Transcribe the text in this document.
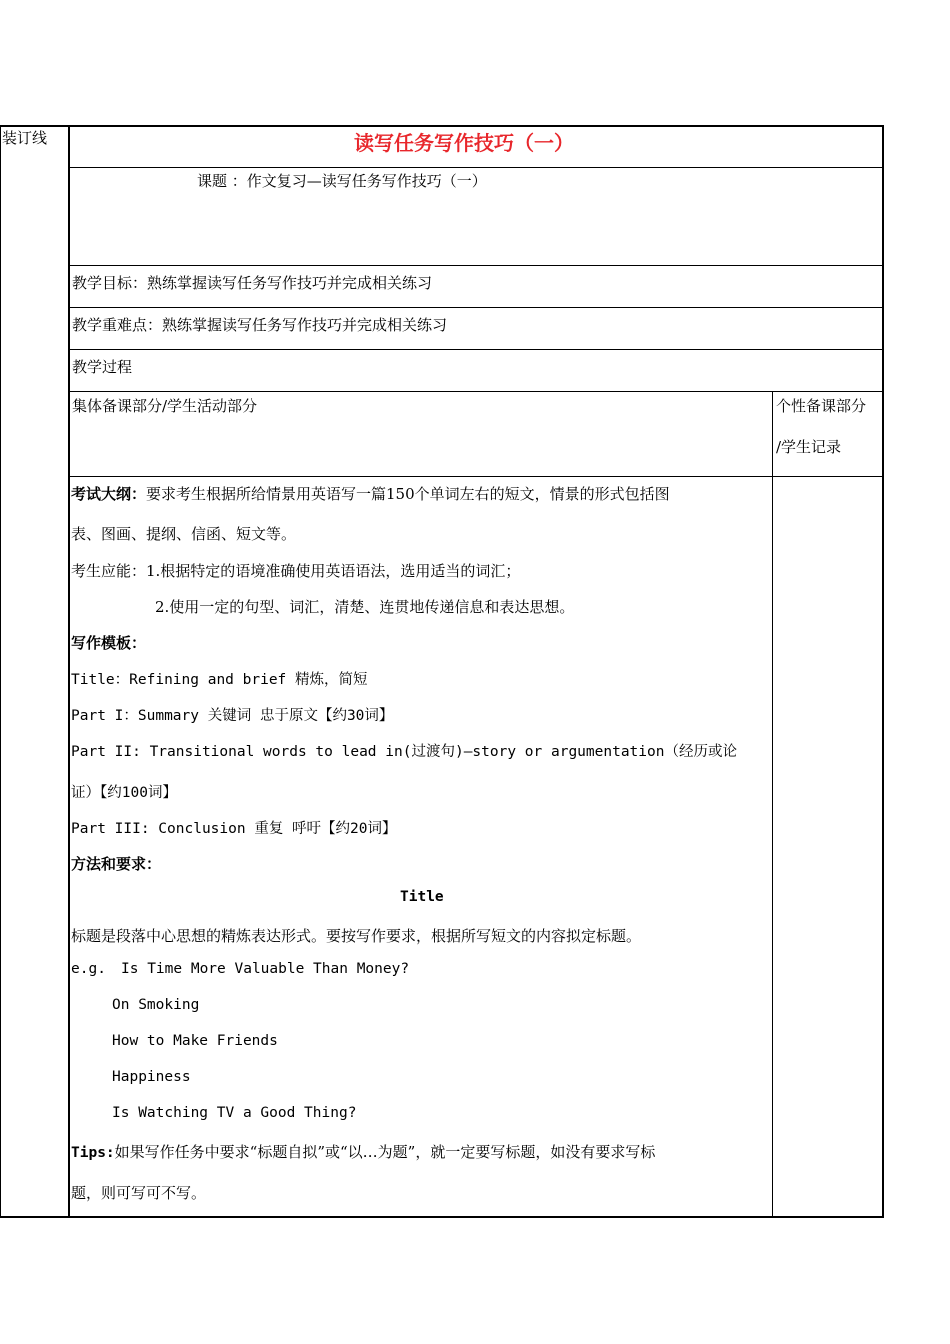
装订线	读写任务写作技巧（一）
课题 ：作文复习—读写任务写作技巧（一）
教学目标：熟练掌握读写任务写作技巧并完成相关练习
教学重难点：熟练掌握读写任务写作技巧并完成相关练习
教学过程
集体备课部分/学生活动部分	个性备课部分
/学生记录
考试大纲：要求考生根据所给情景用英语写一篇150个单词左右的短文，情景的形式包括图
表、图画、提纲、信函、短文等。
考生应能：1.根据特定的语境准确使用英语语法，选用适当的词汇；
2.使用一定的句型、词汇，清楚、连贯地传递信息和表达思想。
写作模板：
Title：Refining and brief 精炼，简短
Part I：Summary 关键词 忠于原文【约30词】
Part II: Transitional words to lead in(过渡句)—story or argumentation（经历或论
证）【约100词】
Part III: Conclusion 重复 呼吁【约20词】
方法和要求：
Title
标题是段落中心思想的精炼表达形式。要按写作要求，根据所写短文的内容拟定标题。
e.g. Is Time More Valuable Than Money?
On Smoking
How to Make Friends
Happiness
Is Watching TV a Good Thing?
Tips:如果写作任务中要求“标题自拟”或“以…为题”，就一定要写标题，如没有要求写标
题，则可写可不写。
